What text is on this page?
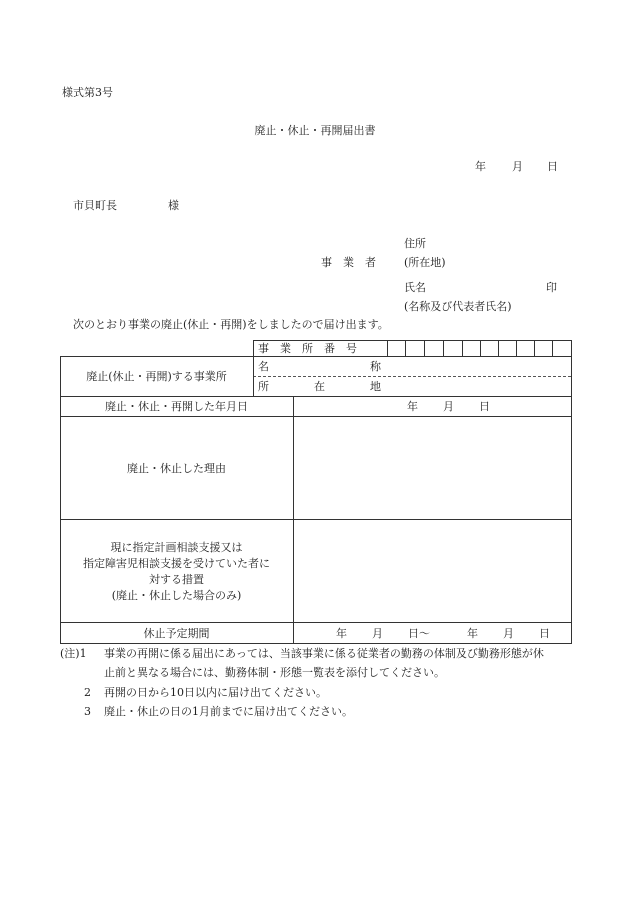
様式第3号
廃止・休止・再開届出書
年 月 日
市貝町長	様
住所
事　業　者	(所在地)
氏名	印
(名称及び代表者氏名)
次のとおり事業の廃止(休止・再開)をしましたので届け出ます。
事　業　所　番　号
廃止(休止・再開)する事業所
名	称
所	在	地
廃止・休止・再開した年月日	年 月 日
廃止・休止した理由
現に指定計画相談支援又は
指定障害児相談支援を受けていた者に
対する措置
(廃止・休止した場合のみ)
休止予定期間	年 月 日～	年 月 日
(注)1 事業の再開に係る届出にあっては、当該事業に係る従業者の勤務の体制及び勤務形態が休
止前と異なる場合には、勤務体制・形態一覧表を添付してください。
2 再開の日から10日以内に届け出てください。
3 廃止・休止の日の1月前までに届け出てください。
